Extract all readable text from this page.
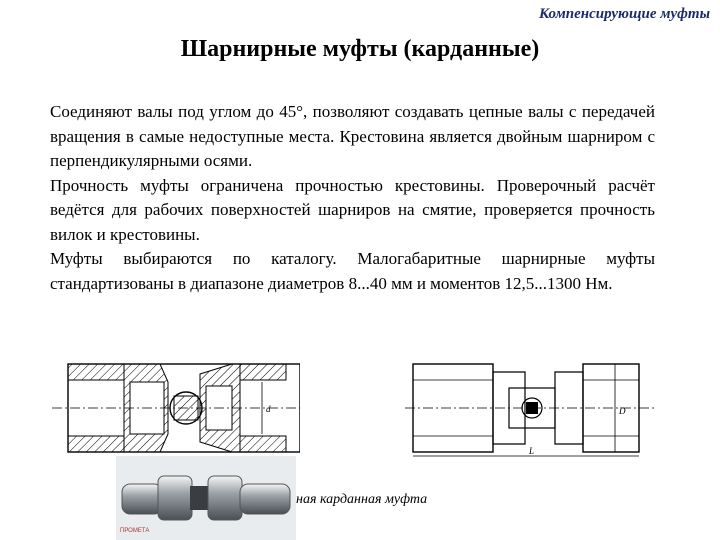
Компенсирующие муфты
Шарнирные муфты (карданные)

Соединяют валы под углом до 45°, позволяют создавать цепные валы с передачей вращения в самые недоступные места. Крестовина является двойным шарниром с перпендикулярными осями.

Прочность муфты ограничена прочностью крестовины. Проверочный расчёт ведётся для рабочих поверхностей шарниров на смятие, проверяется прочность вилок и крестовины.

Муфты выбираются по каталогу. Малогабаритные шарнирные муфты стандартизованы в диапазоне диаметров 8...40 мм и моментов 12,5...1300 Нм.

d	D
L
ПРОМЕТА
ная карданная муфта
